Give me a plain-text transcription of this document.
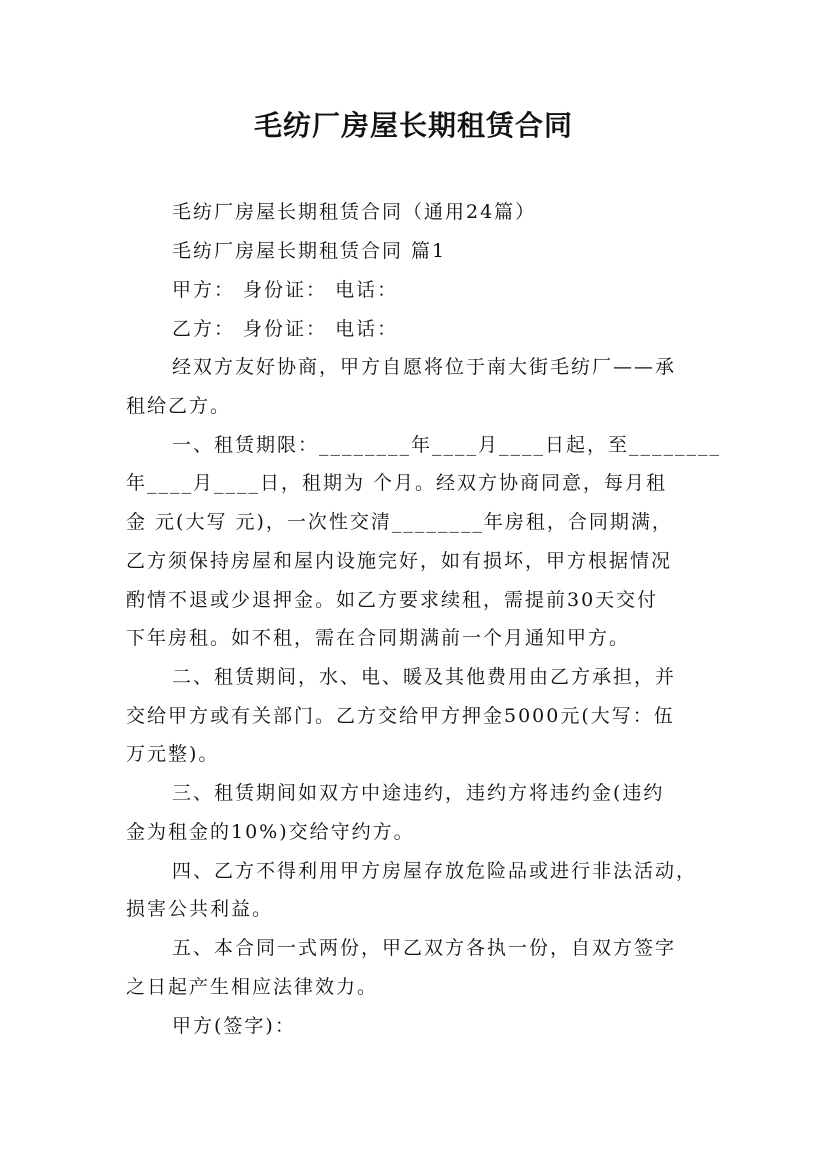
毛纺厂房屋长期租赁合同
毛纺厂房屋长期租赁合同（通用24篇）
毛纺厂房屋长期租赁合同 篇1
甲方： 身份证： 电话：
乙方： 身份证： 电话：
经双方友好协商，甲方自愿将位于南大街毛纺厂——承
租给乙方。
一、租赁期限：________年____月____日起，至________
年____月____日，租期为 个月。经双方协商同意，每月租
金 元(大写 元)，一次性交清________年房租，合同期满，
乙方须保持房屋和屋内设施完好，如有损坏，甲方根据情况
酌情不退或少退押金。如乙方要求续租，需提前30天交付
下年房租。如不租，需在合同期满前一个月通知甲方。
二、租赁期间，水、电、暖及其他费用由乙方承担，并
交给甲方或有关部门。乙方交给甲方押金5000元(大写：伍
万元整)。
三、租赁期间如双方中途违约，违约方将违约金(违约
金为租金的10%)交给守约方。
四、乙方不得利用甲方房屋存放危险品或进行非法活动，
损害公共利益。
五、本合同一式两份，甲乙双方各执一份，自双方签字
之日起产生相应法律效力。
甲方(签字)：
